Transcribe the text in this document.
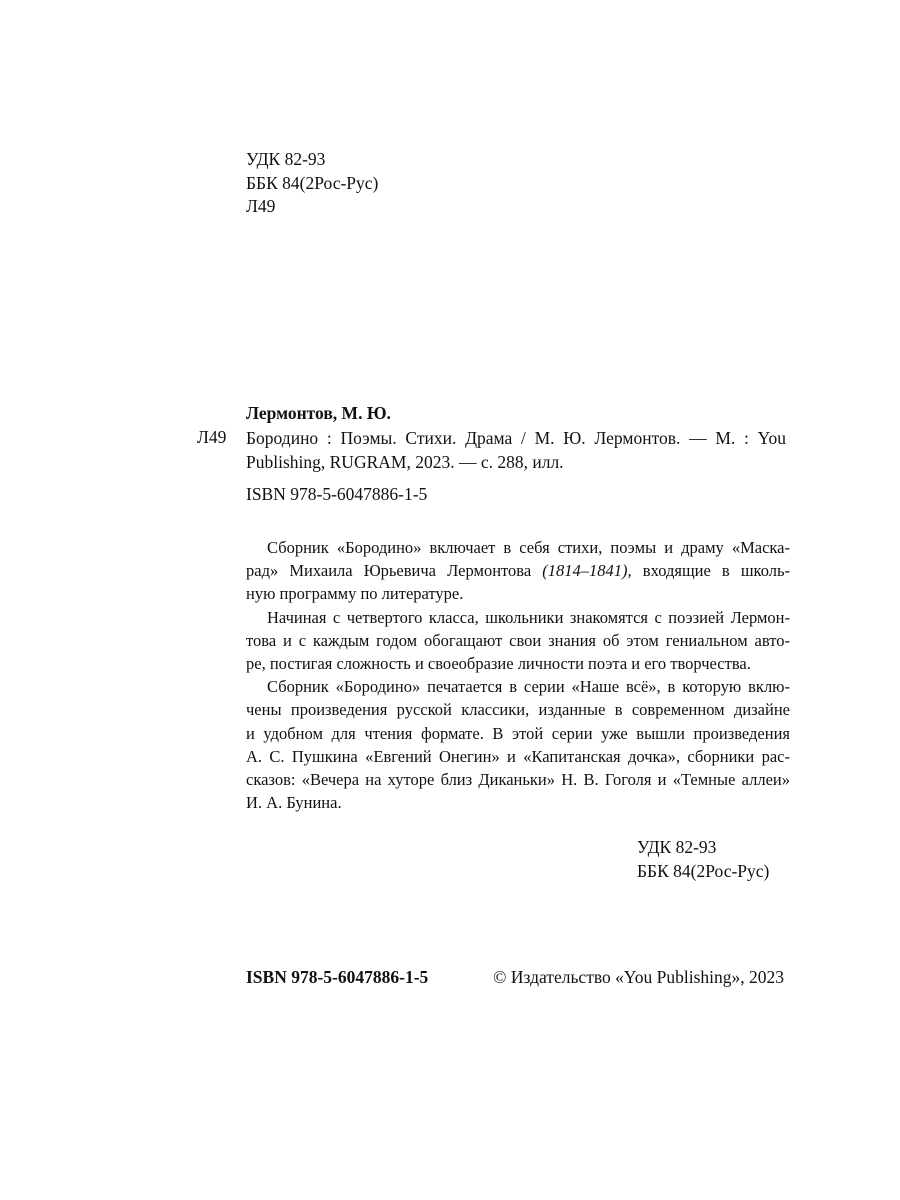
УДК 82-93
ББК 84(2Рос-Рус)
Л49
Лермонтов, М. Ю.
Л49 Бородино : Поэмы. Стихи. Драма / М. Ю. Лермонтов. — М. : You
Publishing, RUGRAM, 2023. — с. 288, илл.
ISBN 978-5-6047886-1-5
Сборник «Бородино» включает в себя стихи, поэмы и драму «Маска-
рад» Михаила Юрьевича Лермонтова (1814–1841), входящие в школь-
ную программу по литературе.
Начиная с четвертого класса, школьники знакомятся с поэзией Лермон-
това и с каждым годом обогащают свои знания об этом гениальном авто-
ре, постигая сложность и своеобразие личности поэта и его творчества.
Сборник «Бородино» печатается в серии «Наше всё», в которую вклю-
чены произведения русской классики, изданные в современном дизайне
и удобном для чтения формате. В этой серии уже вышли произведения
А. С. Пушкина «Евгений Онегин» и «Капитанская дочка», сборники рас-
сказов: «Вечера на хуторе близ Диканьки» Н. В. Гоголя и «Темные аллеи»
И. А. Бунина.
УДК 82-93
ББК 84(2Рос-Рус)
ISBN 978-5-6047886-1-5	© Издательство «You Publishing», 2023
